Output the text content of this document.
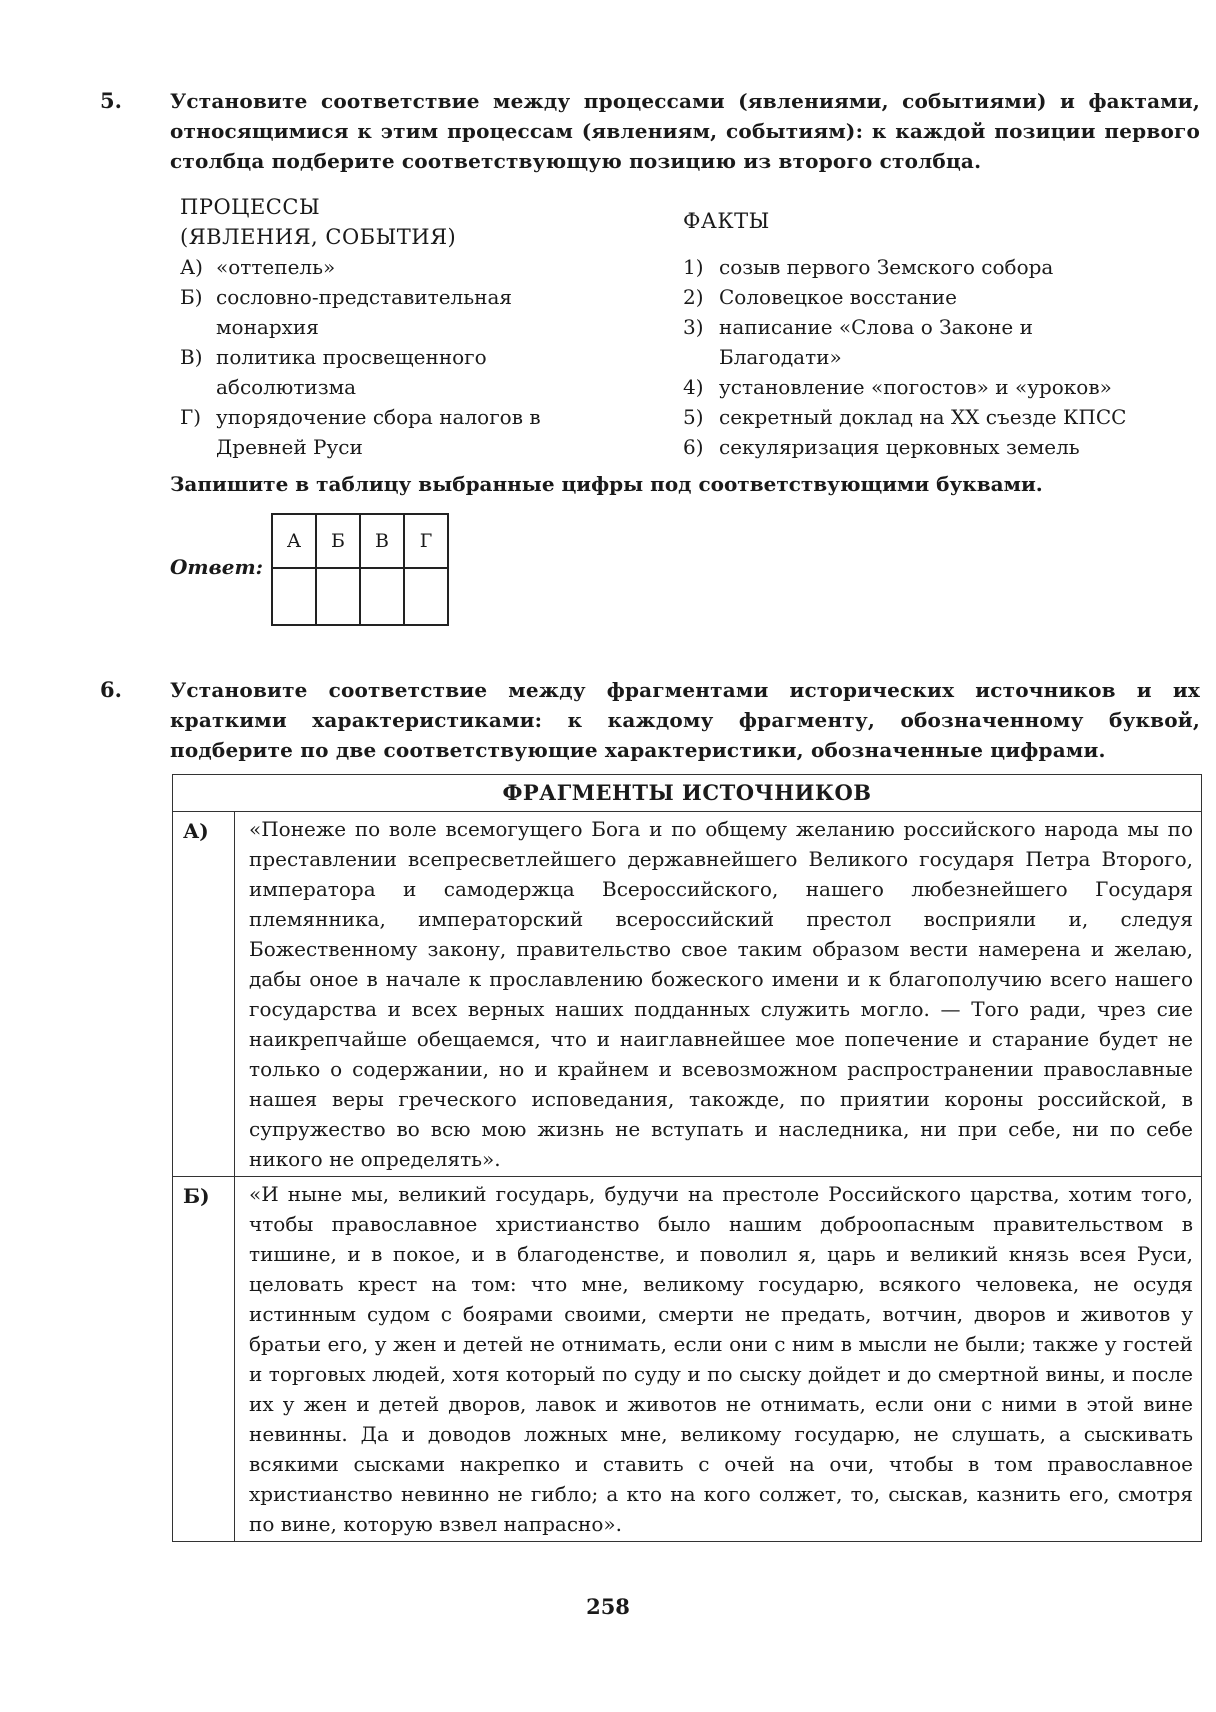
5. Установите соответствие между процессами (явлениями, событиями) и фактами, относящимися к этим процессам (явлениям, событиям): к каждой позиции первого столбца подберите соответствующую позицию из второго столбца.
ПРОЦЕССЫ
(ЯВЛЕНИЯ, СОБЫТИЯ)
А) «оттепель»
Б) сословно-представительная монархия
В) политика просвещенного абсолютизма
Г) упорядочение сбора налогов в Древней Руси
ФАКТЫ
1) созыв первого Земского собора
2) Соловецкое восстание
3) написание «Слова о Законе и Благодати»
4) установление «погостов» и «уроков»
5) секретный доклад на XX съезде КПСС
6) секуляризация церковных земель
Запишите в таблицу выбранные цифры под соответствующими буквами.
Ответ:
А	Б	В	Г

6. Установите соответствие между фрагментами исторических источников и их краткими характеристиками: к каждому фрагменту, обозначенному буквой, подберите по две соответствующие характеристики, обозначенные цифрами.
ФРАГМЕНТЫ ИСТОЧНИКОВ
А)	«Понеже по воле всемогущего Бога и по общему желанию российского народа мы по преставлении всепресветлейшего державнейшего Великого государя Петра Второго, императора и самодержца Всероссийского, нашего любезнейшего Государя племянника, императорский всероссийский престол восприяли и, следуя Божественному закону, правительство свое таким образом вести намерена и желаю, дабы оное в начале к прославлению божеского имени и к благополучию всего нашего государства и всех верных наших подданных служить могло. — Того ради, чрез сие наикрепчайше обещаемся, что и наиглавнейшее мое попечение и старание будет не только о содержании, но и крайнем и всевозможном распространении православные нашея веры греческого исповедания, такожде, по приятии короны российской, в супружество во всю мою жизнь не вступать и наследника, ни при себе, ни по себе никого не определять».
Б)	«И ныне мы, великий государь, будучи на престоле Российского царства, хотим того, чтобы православное христианство было нашим доброопасным правительством в тишине, и в покое, и в благоденстве, и поволил я, царь и великий князь всея Руси, целовать крест на том: что мне, великому государю, всякого человека, не осудя истинным судом с боярами своими, смерти не предать, вотчин, дворов и животов у братьи его, у жен и детей не отнимать, если они с ним в мысли не были; также у гостей и торговых людей, хотя который по суду и по сыску дойдет и до смертной вины, и после их у жен и детей дворов, лавок и животов не отнимать, если они с ними в этой вине невинны. Да и доводов ложных мне, великому государю, не слушать, а сыскивать всякими сысками накрепко и ставить с очей на очи, чтобы в том православное христианство невинно не гибло; а кто на кого солжет, то, сыскав, казнить его, смотря по вине, которую взвел напрасно».
258
